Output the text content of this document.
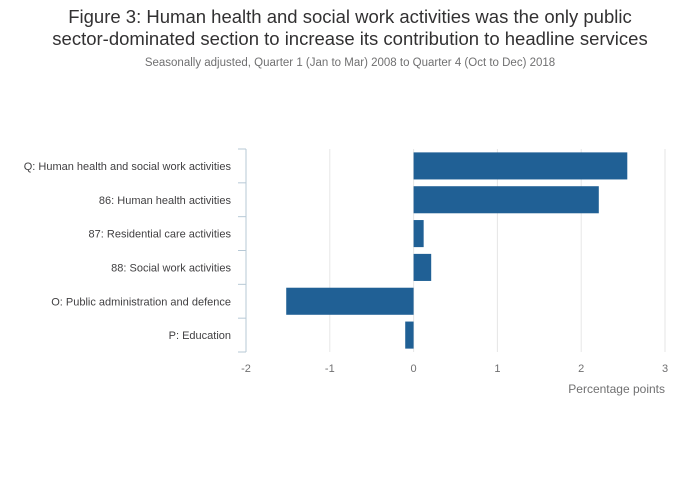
Figure 3: Human health and social work activities was the only public
sector-dominated section to increase its contribution to headline services
Seasonally adjusted, Quarter 1 (Jan to Mar) 2008 to Quarter 4 (Oct to Dec) 2018
Q: Human health and social work activities
86: Human health activities
87: Residential care activities
88: Social work activities
O: Public administration and defence
P: Education
-2	-1	0	1	2	3
Percentage points
